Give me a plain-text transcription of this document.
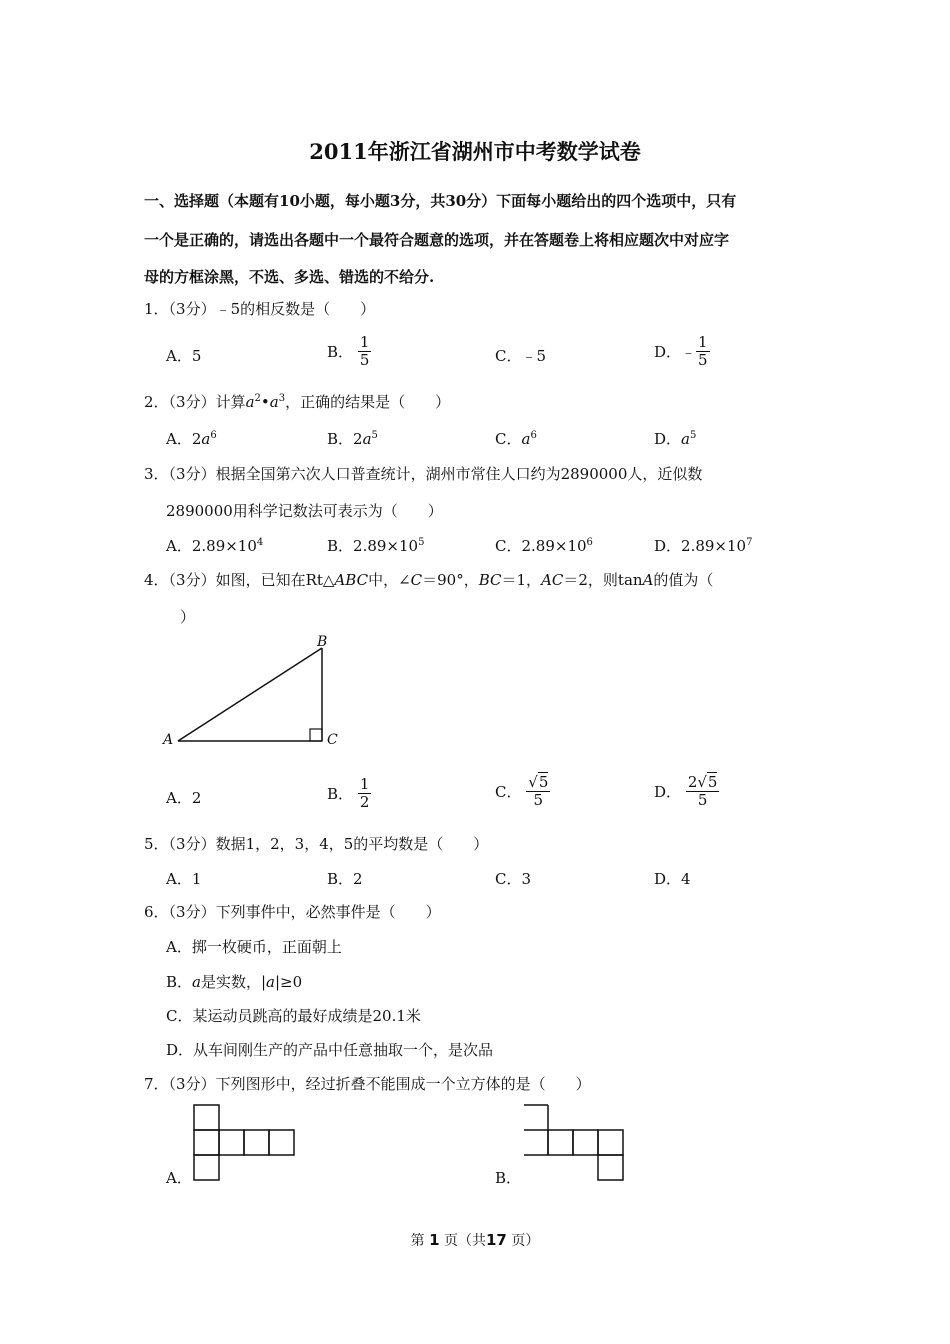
2011年浙江省湖州市中考数学试卷
一、选择题（本题有10小题，每小题3分，共30分）下面每小题给出的四个选项中，只有
一个是正确的，请选出各题中一个最符合题意的选项，并在答题卷上将相应题次中对应字
母的方框涂黑，不选、多选、错选的不给分.
1．（3分）﹣5的相反数是（　　）
A．5	B． $\frac{1}{5}$	C．﹣5	D．﹣ $\frac{1}{5}$
2．（3分）计算$a^2•a^3$，正确的结果是（　　）
A．$2a^6$	B．$2a^5$	C．$a^6$	D．$a^5$
3．（3分）根据全国第六次人口普查统计，湖州市常住人口约为2890000人，近似数
2890000用科学记数法可表示为（　　）
A．$2.89\times 10^4$	B．$2.89\times 10^5$	C．$2.89\times 10^6$	D．$2.89\times 10^7$
4．（3分）如图，已知在Rt△ABC中，∠C＝90°，BC＝1，AC＝2，则tanA的值为（
）
A
B
C
A．2	B． $\frac{1}{2}$	C． $\frac{√5}{5}$	D． $\frac{2√5}{5}$
5．（3分）数据1，2，3，4，5的平均数是（　　）
A．1	B．2	C．3	D．4
6．（3分）下列事件中，必然事件是（　　）
A．掷一枚硬币，正面朝上
B．a是实数，|a|≥0
C．某运动员跳高的最好成绩是20.1米
D．从车间刚生产的产品中任意抽取一个，是次品
7．（3分）下列图形中，经过折叠不能围成一个立方体的是（　　）
A．	B．
第 1 页（共17 页）
